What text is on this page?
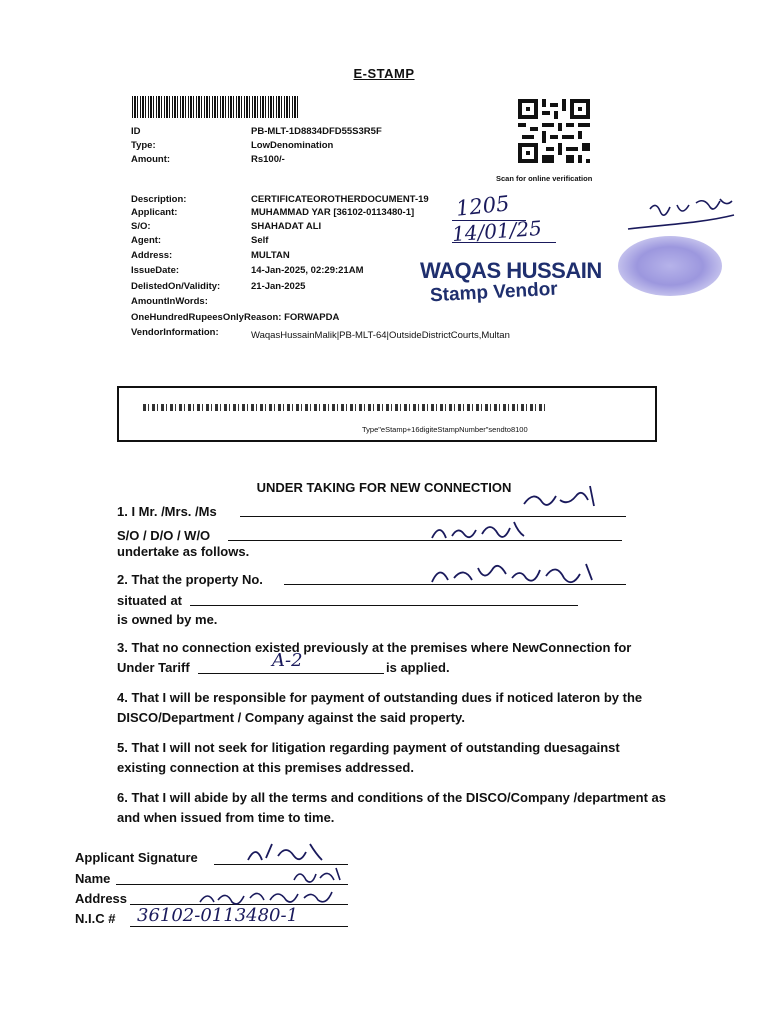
E-STAMP
ID	PB-MLT-1D8834DFD55S3R5F
Type:	LowDenomination
Amount:	Rs100/-
Scan for online verification
Description:	CERTIFICATEOROTHERDOCUMENT-19
Applicant:	MUHAMMAD YAR [36102-0113480-1]
S/O:	SHAHADAT ALI
Agent:	Self
Address:	MULTAN
IssueDate:	14-Jan-2025, 02:29:21AM
DelistedOn/Validity:	21-Jan-2025
AmountInWords:
OneHundredRupeesOnlyReason: FORWAPDA
VendorInformation:	WaqasHussainMalik|PB-MLT-64|OutsideDistrictCourts,Multan
1205
14/01/25
WAQAS HUSSAIN
Stamp Vendor
Type"eStamp+16digiteStampNumber"sendto8100
UNDER TAKING FOR NEW CONNECTION
1. I Mr. /Mrs. /Ms
S/O / D/O / W/O
undertake as follows.
2. That the property No.
situated at
is owned by me.
3. That no connection existed previously at the premises where NewConnection for
Under Tariff	A-2	is applied.
4. That I will be responsible for payment of outstanding dues if noticed lateron by the
DISCO/Department / Company against the said property.
5. That I will not seek for litigation regarding payment of outstanding duesagainst
existing connection at this premises addressed.
6. That I will abide by all the terms and conditions of the DISCO/Company /department as
and when issued from time to time.
Applicant Signature
Name
Address
N.I.C # 36102-0113480-1
